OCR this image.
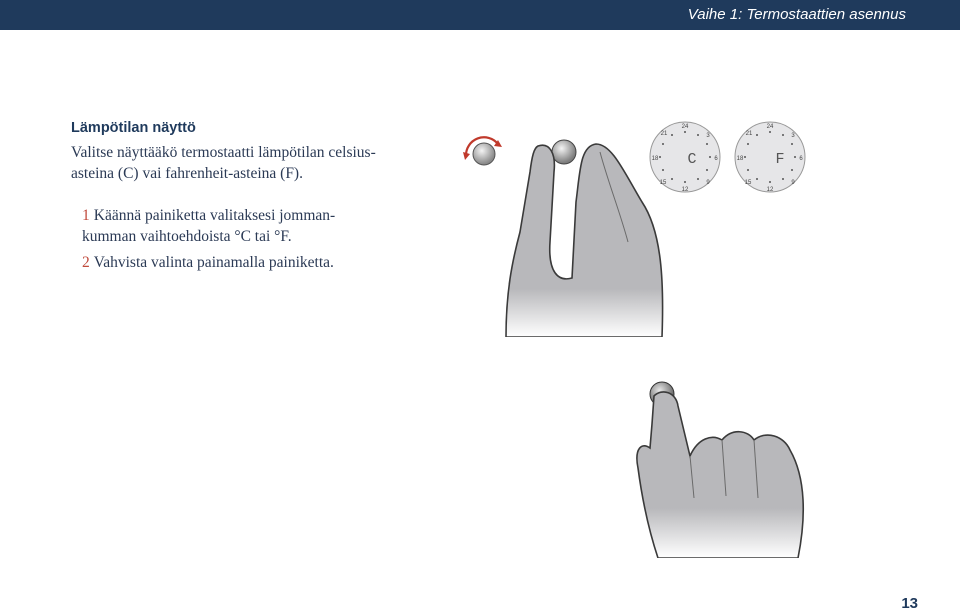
Vaihe 1: Termostaattien asennus
Lämpötilan näyttö

Valitse näyttääkö termostaatti lämpötilan celsius-
asteina (C) vai fahrenheit-asteina (F).

1 Käännä painiketta valitaksesi jomman-
kumman vaihtoehdoista °C tai °F.

2 Vahvista valinta painamalla painiketta.

24
21	3
18	6
15	9
12
C
24
21	3
18	6
15	9
12
F

13
